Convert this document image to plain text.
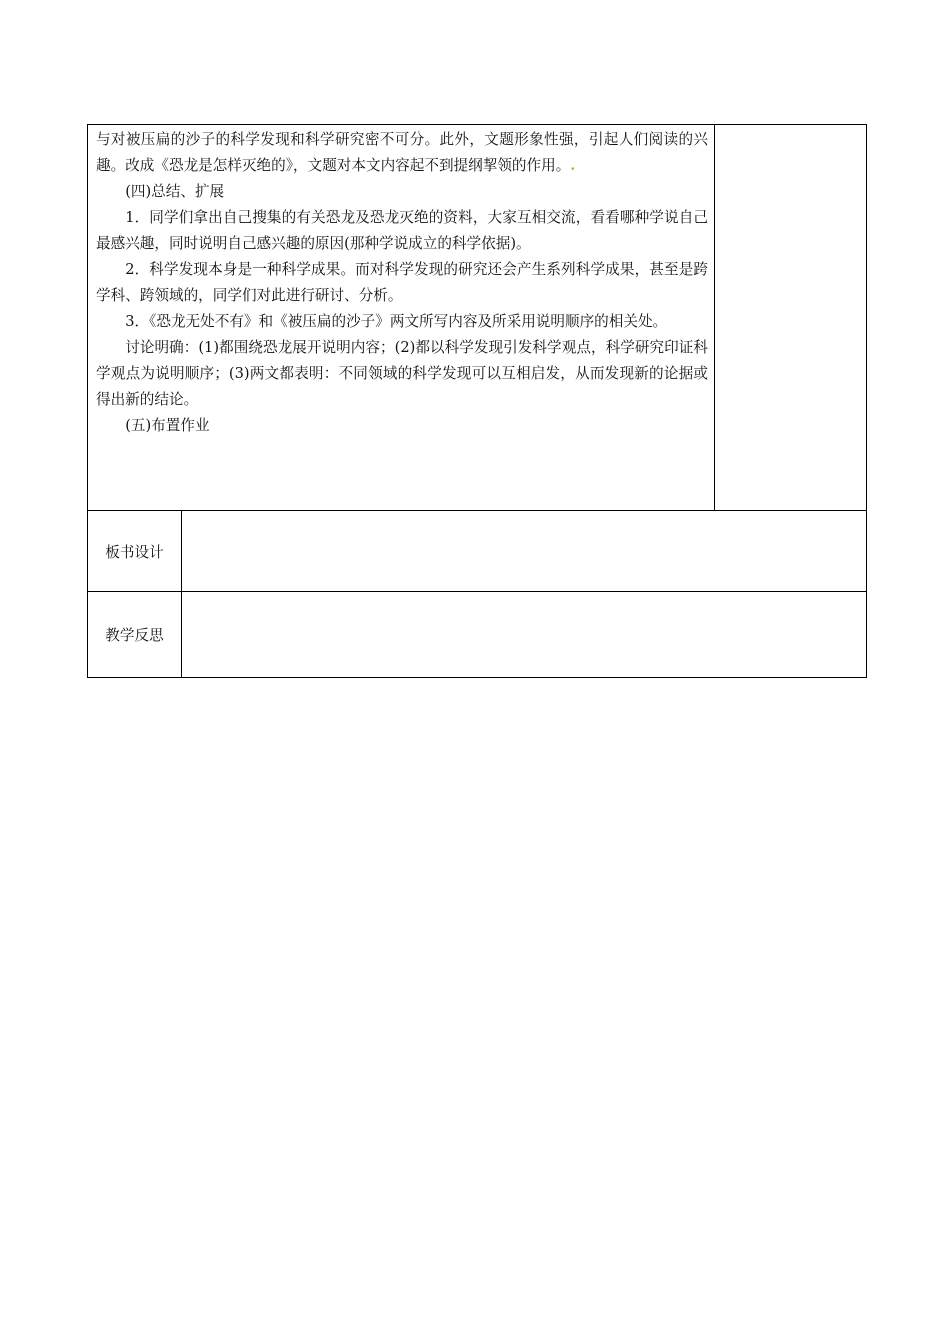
与对被压扁的沙子的科学发现和科学研究密不可分。此外，文题形象性强，引起人们阅读的兴趣。改成《恐龙是怎样灭绝的》，文题对本文内容起不到提纲挈领的作用。.

(四)总结、扩展

1．同学们拿出自己搜集的有关恐龙及恐龙灭绝的资料，大家互相交流，看看哪种学说自己最感兴趣，同时说明自己感兴趣的原因(那种学说成立的科学依据)。

2．科学发现本身是一种科学成果。而对科学发现的研究还会产生系列科学成果，甚至是跨学科、跨领域的，同学们对此进行研讨、分析。

3．《恐龙无处不有》和《被压扁的沙子》两文所写内容及所采用说明顺序的相关处。

讨论明确：(1)都围绕恐龙展开说明内容；(2)都以科学发现引发科学观点，科学研究印证科学观点为说明顺序；(3)两文都表明：不同领域的科学发现可以互相启发，从而发现新的论据或得出新的结论。

(五)布置作业

板书设计
教学反思
